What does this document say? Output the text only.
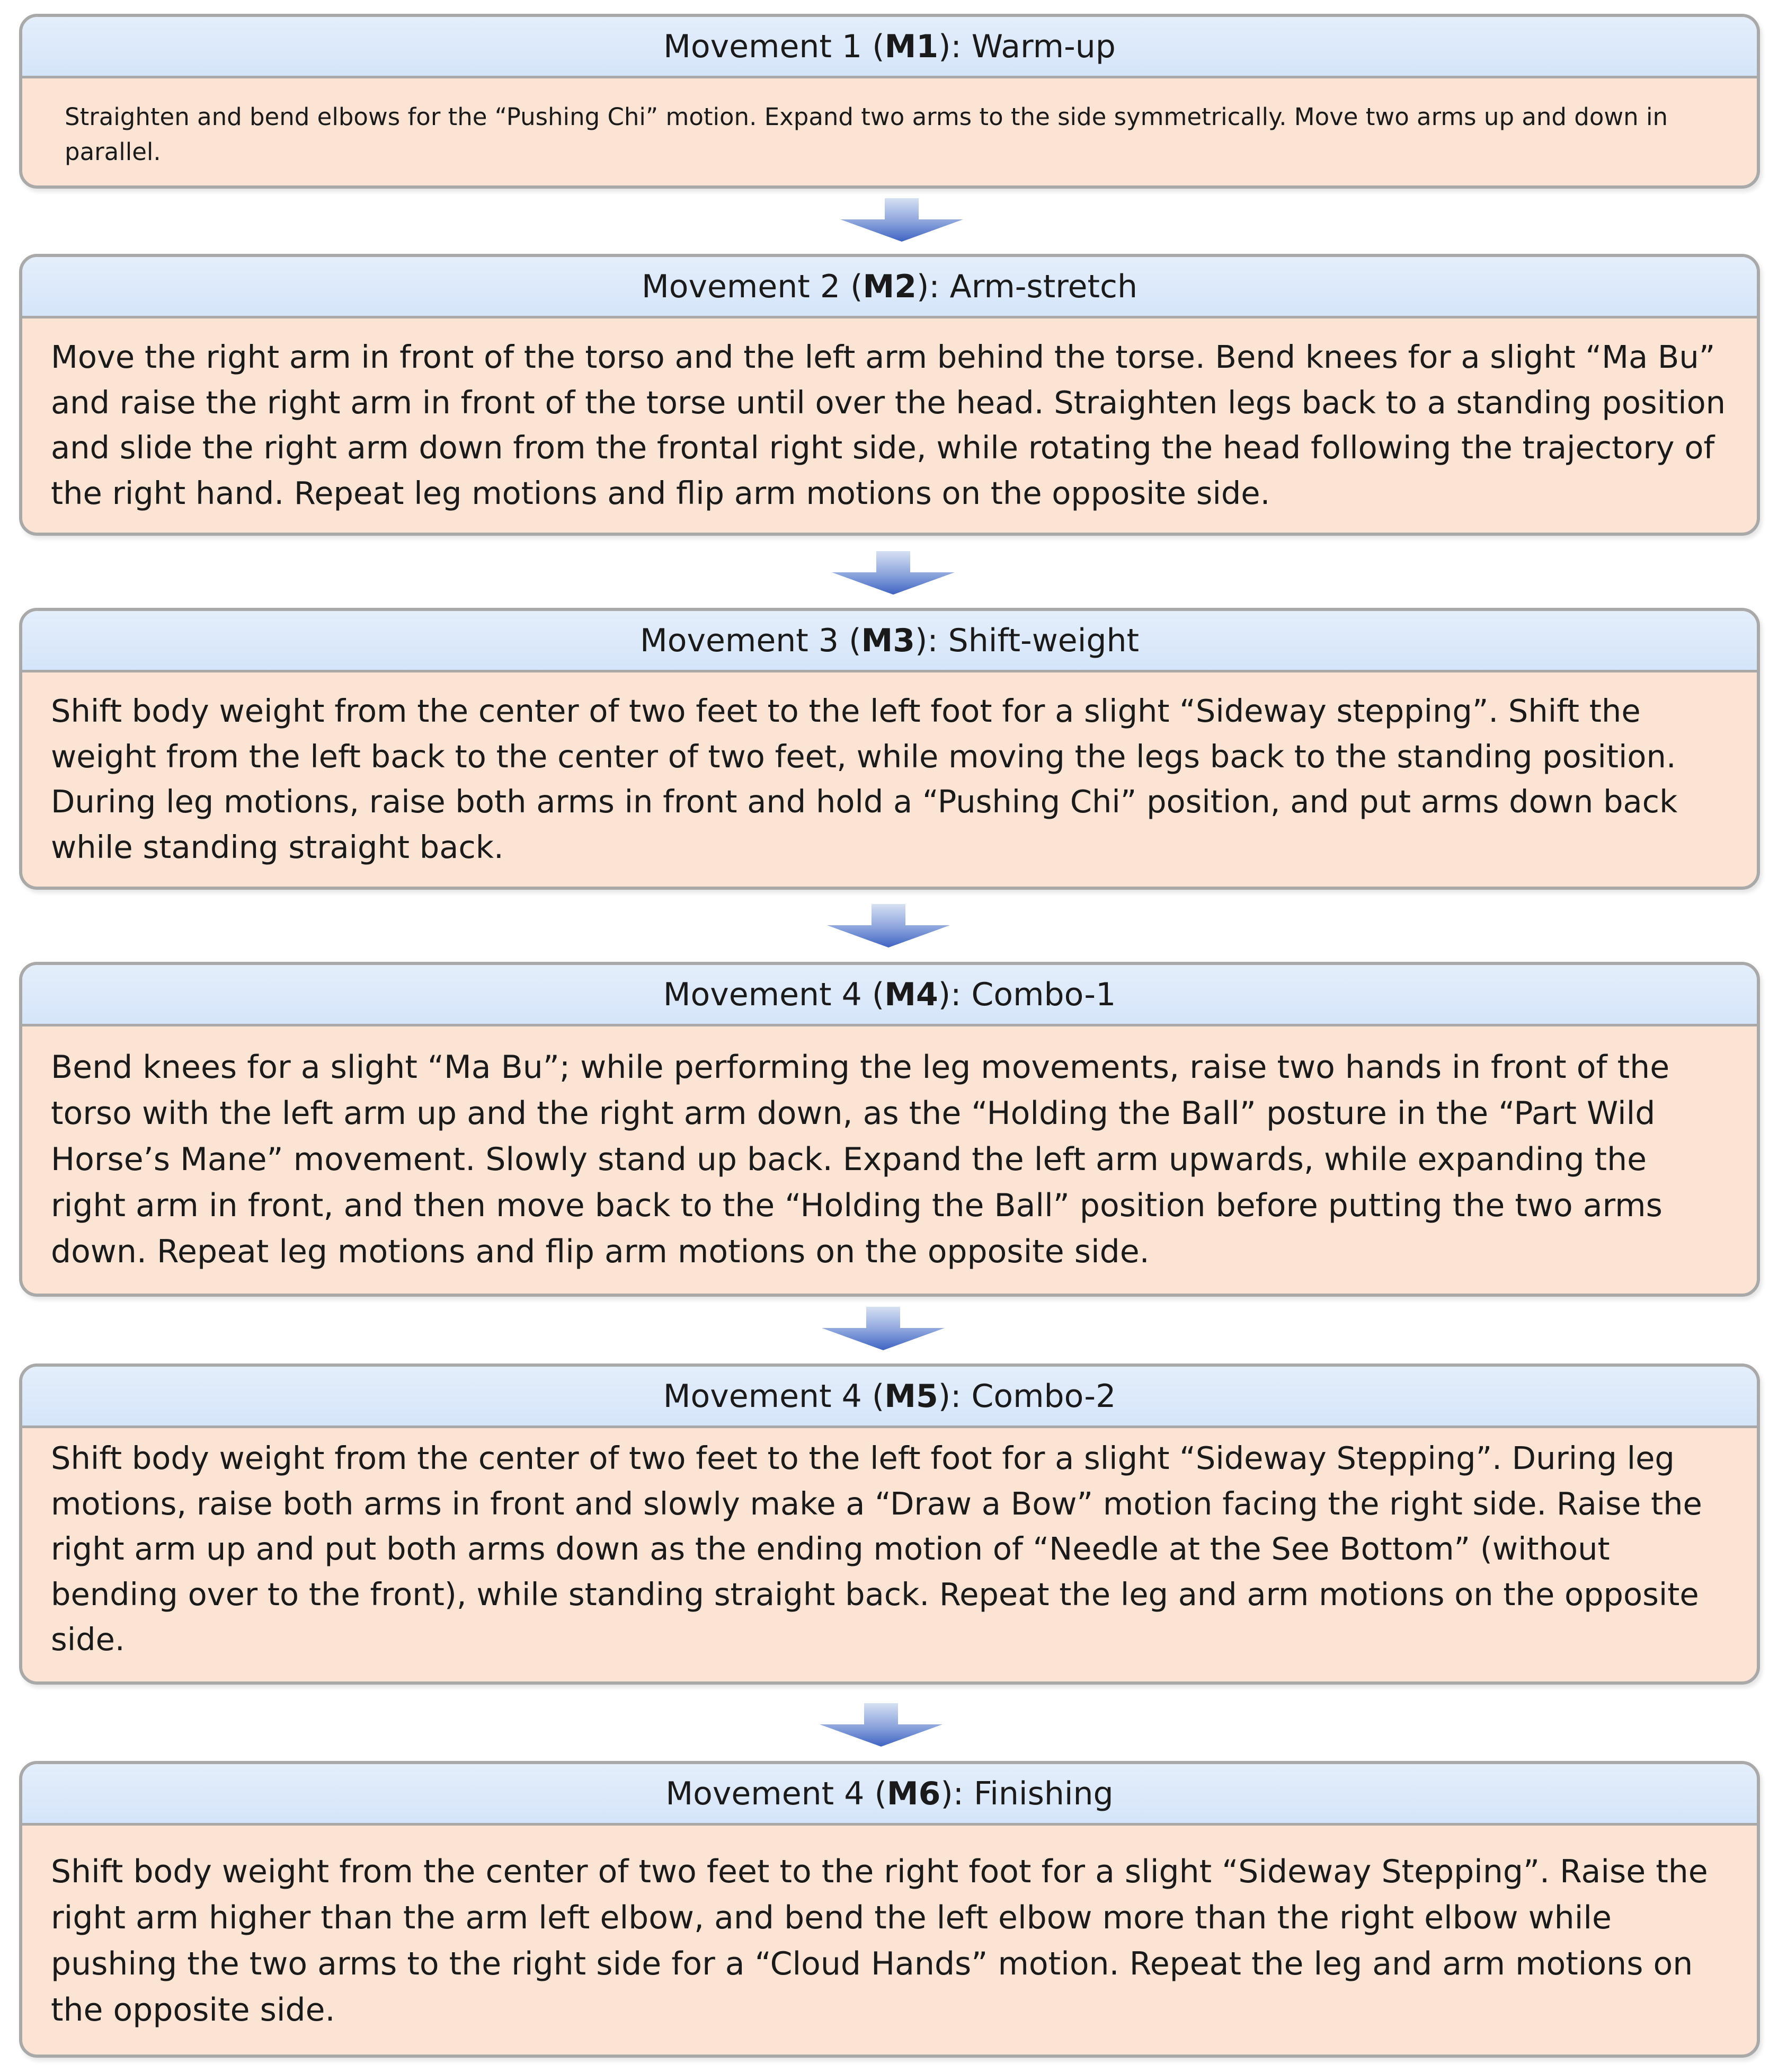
Movement 1 ( M1 ): Warm-up
Straighten and bend elbows for the “Pushing Chi” motion. Expand two arms to the side symmetrically. Move two arms up and down in parallel.
Movement 2 ( M2 ): Arm-stretch
Move the right arm in front of the torso and the left arm behind the torse. Bend knees for a slight “Ma Bu” and raise the right arm in front of the torse until over the head. Straighten legs back to a standing position and slide the right arm down from the frontal right side, while rotating the head following the trajectory of the right hand. Repeat leg motions and flip arm motions on the opposite side.
Movement 3 ( M3 ): Shift-weight
Shift body weight from the center of two feet to the left foot for a slight “Sideway stepping”. Shift the weight from the left back to the center of two feet, while moving the legs back to the standing position. During leg motions, raise both arms in front and hold a “Pushing Chi” position, and put arms down back while standing straight back.
Movement 4 ( M4 ): Combo-1
Bend knees for a slight “Ma Bu”; while performing the leg movements, raise two hands in front of the torso with the left arm up and the right arm down, as the “Holding the Ball” posture in the “Part Wild Horse’s Mane” movement. Slowly stand up back. Expand the left arm upwards, while expanding the right arm in front, and then move back to the “Holding the Ball” position before putting the two arms down. Repeat leg motions and flip arm motions on the opposite side.
Movement 4 ( M5 ): Combo-2
Shift body weight from the center of two feet to the left foot for a slight “Sideway Stepping”. During leg motions, raise both arms in front and slowly make a “Draw a Bow” motion facing the right side. Raise the right arm up and put both arms down as the ending motion of “Needle at the See Bottom” (without bending over to the front), while standing straight back. Repeat the leg and arm motions on the opposite side.
Movement 4 ( M6 ): Finishing
Shift body weight from the center of two feet to the right foot for a slight “Sideway Stepping”. Raise the right arm higher than the arm left elbow, and bend the left elbow more than the right elbow while pushing the two arms to the right side for a “Cloud Hands” motion. Repeat the leg and arm motions on the opposite side.
